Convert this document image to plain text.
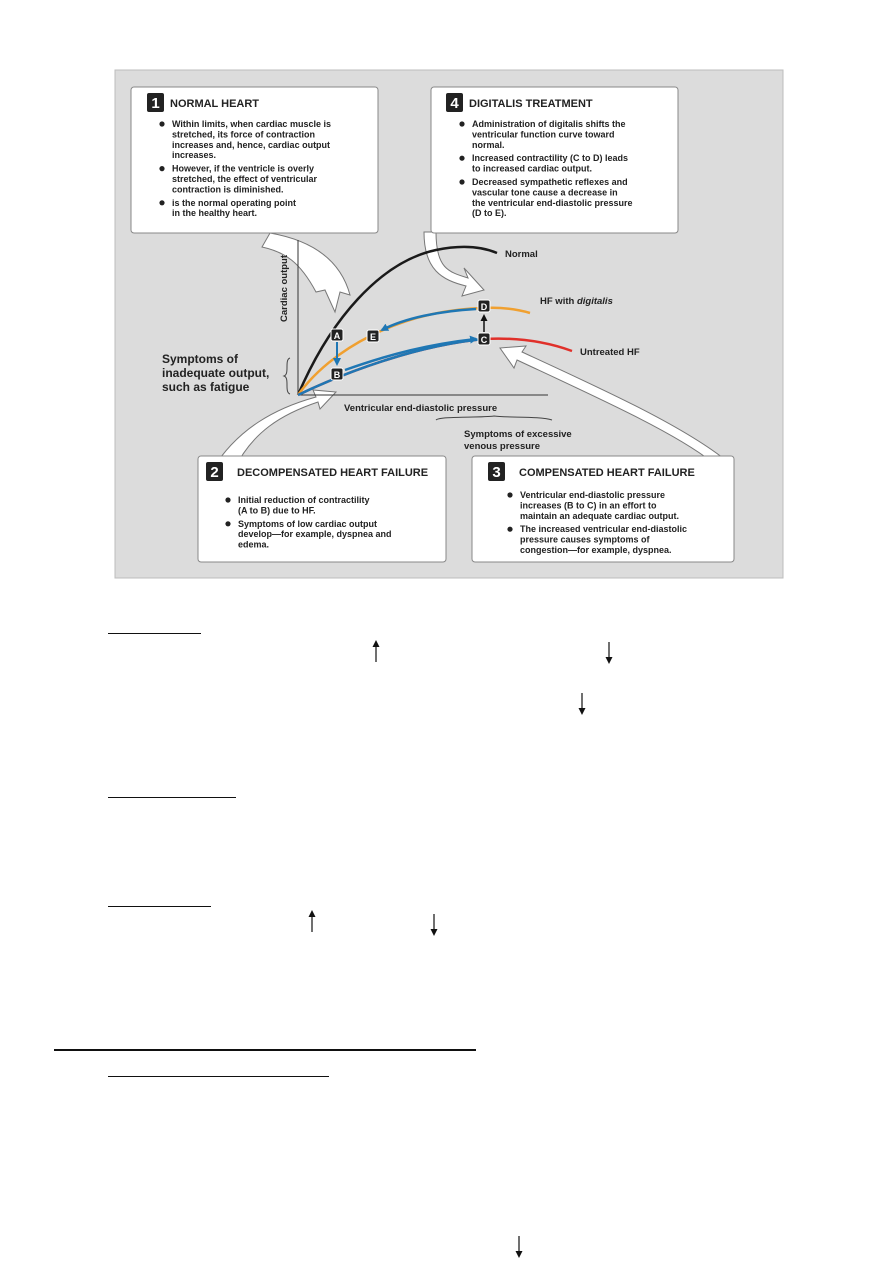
1	4
2	3
NORMAL HEART	DIGITALIS TREATMENT
DECOMPENSATED HEART FAILURE	COMPENSATED HEART FAILURE
Within limits, when cardiac muscle is
stretched, its force of contraction
increases and, hence, cardiac output
increases.
However, if the ventricle is overly
stretched, the effect of ventricular
contraction is diminished.
is the normal operating point
in the healthy heart.
Administration of digitalis shifts the
ventricular function curve toward
normal.
Increased contractility (C to D) leads
to increased cardiac output.
Decreased sympathetic reflexes and
vascular tone cause a decrease in
the ventricular end-diastolic pressure
(D to E).
Initial reduction of contractility
(A to B) due to HF.
Symptoms of low cardiac output
develop—for example, dyspnea and
edema.
Ventricular end-diastolic pressure
increases (B to C) in an effort to
maintain an adequate cardiac output.
The increased ventricular end-diastolic
pressure causes symptoms of
congestion—for example, dyspnea.
Cardiac output
Ventricular end-diastolic pressure
Symptoms of
inadequate output,
such as fatigue
Symptoms of excessive
venous pressure
Normal
HF with digitalis
Untreated HF
A
B
C
D
E
